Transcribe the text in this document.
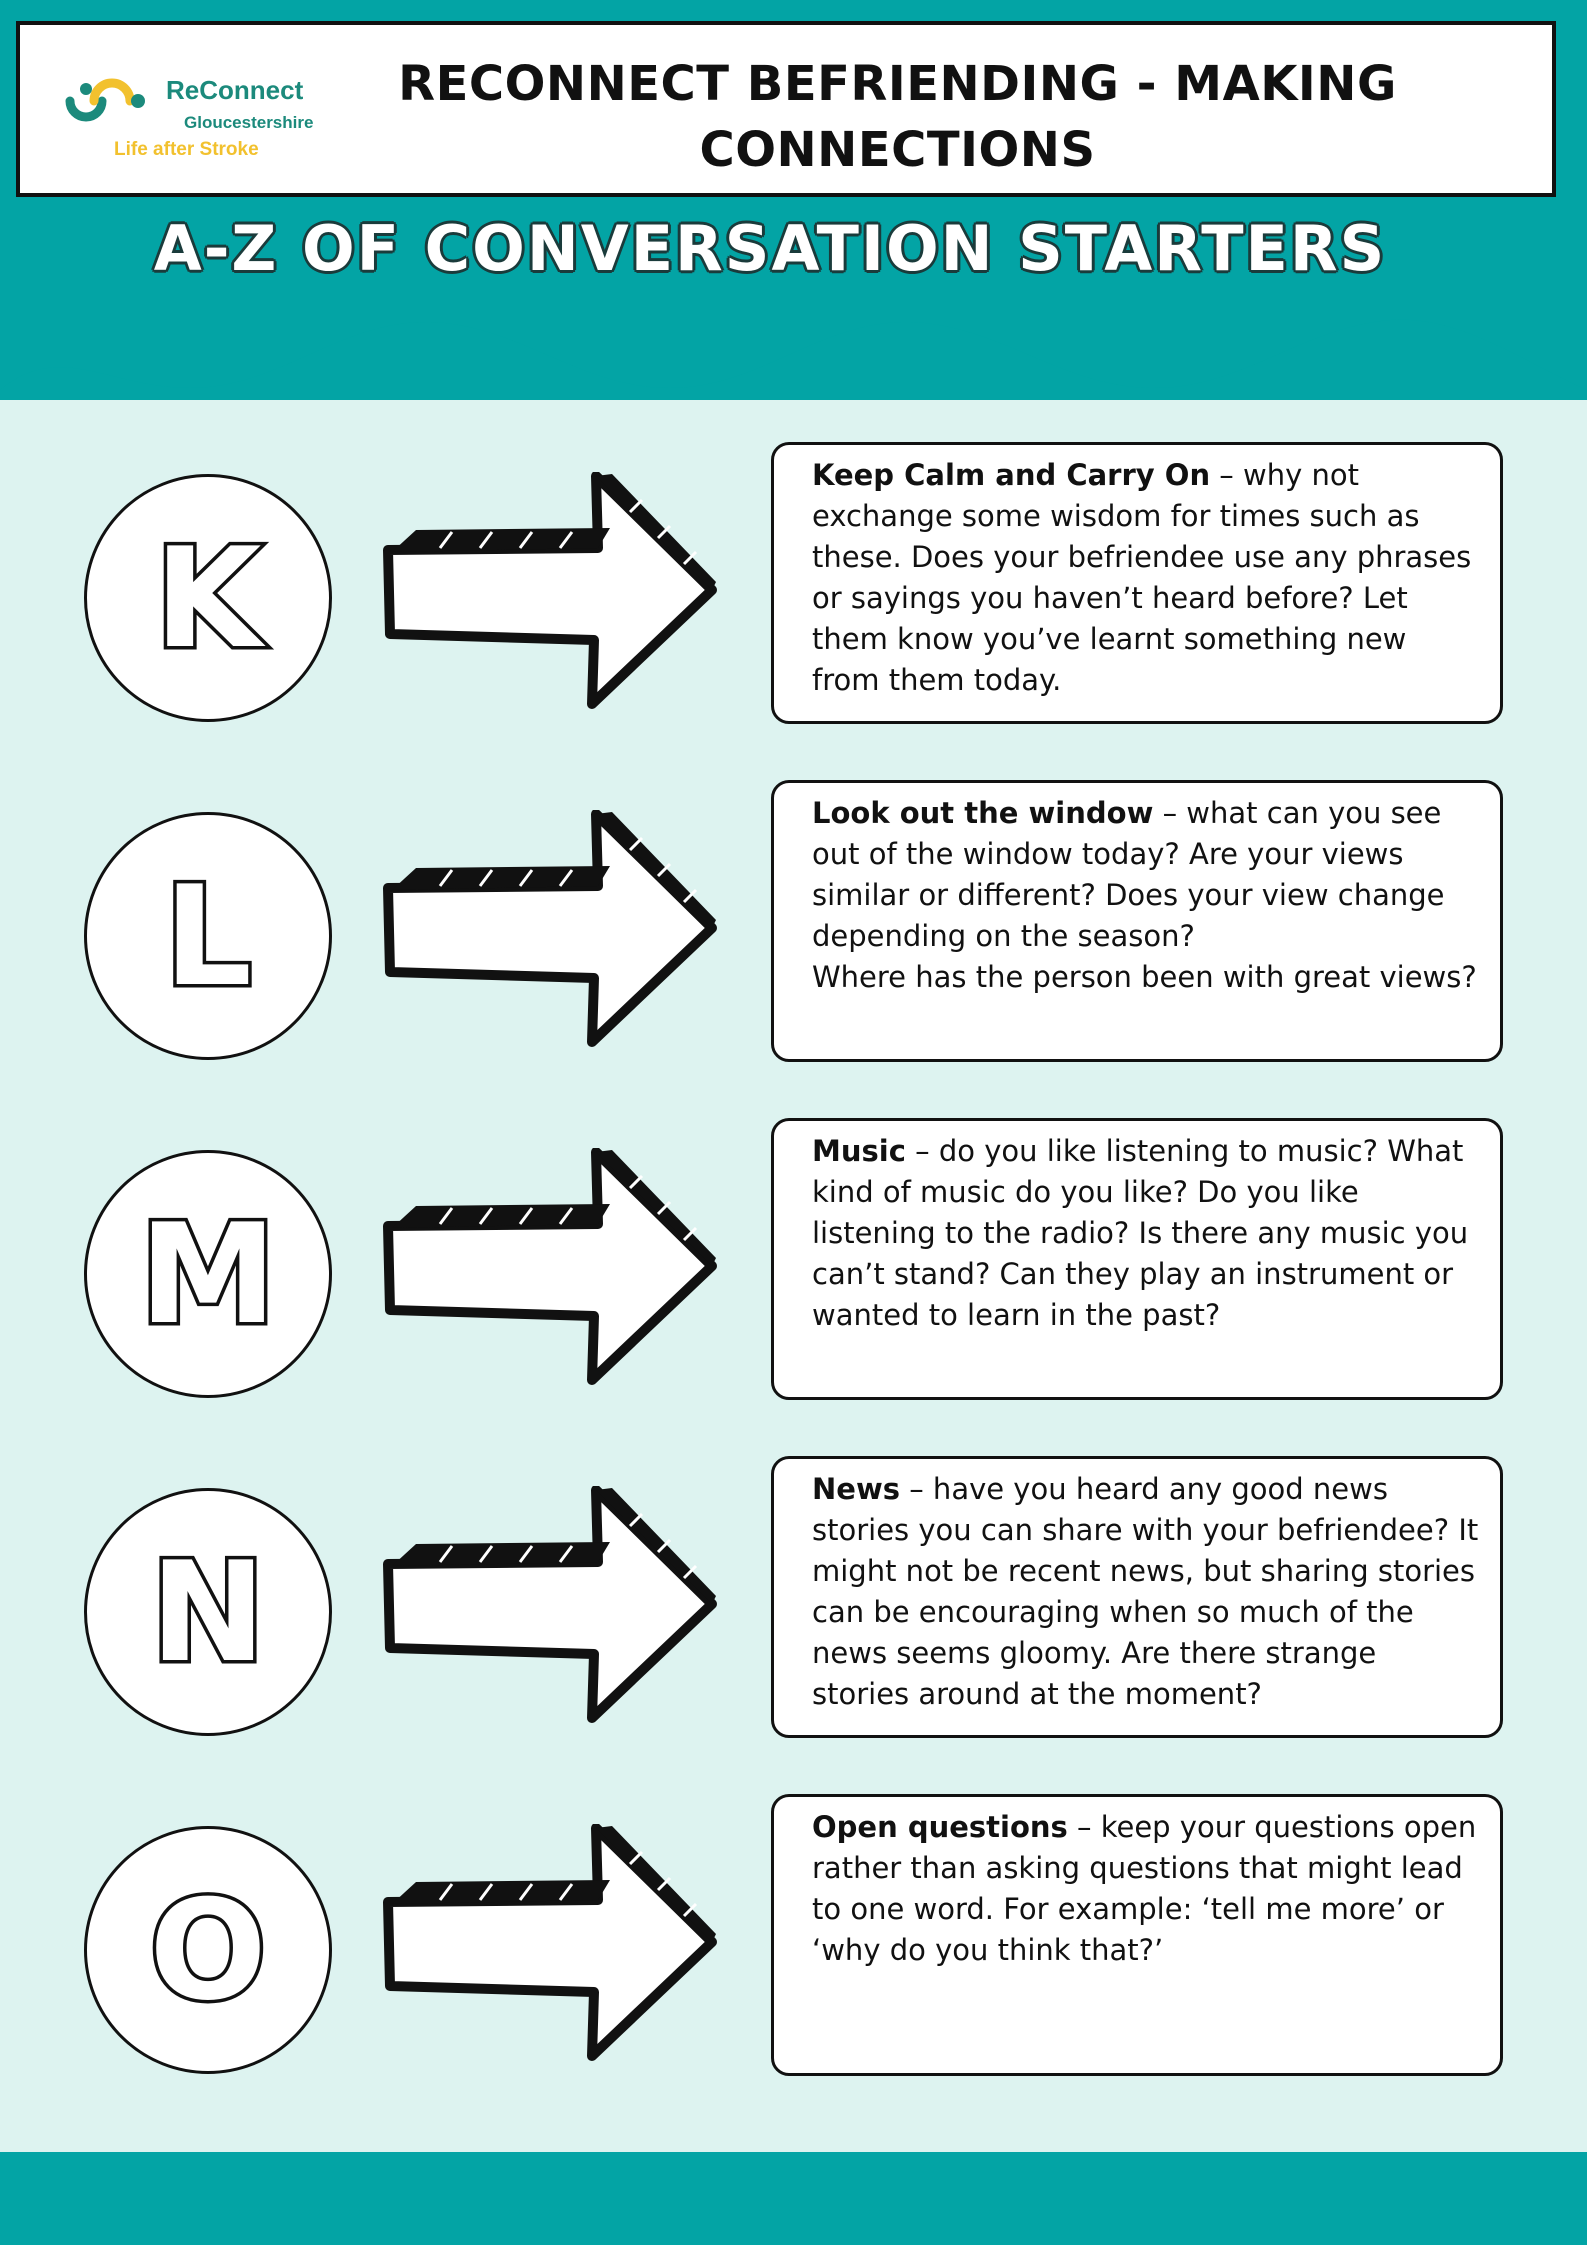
ReConnect
Gloucestershire
Life after Stroke
RECONNECT BEFRIENDING - MAKING
CONNECTIONS
A-Z OF CONVERSATION STARTERS
K
Keep Calm and Carry On – why not exchange some wisdom for times such as these. Does your befriendee use any phrases or sayings you haven’t heard before? Let them know you’ve learnt something new from them today.
L
Look out the window – what can you see out of the window today? Are your views similar or different? Does your view change depending on the season?
Where has the person been with great views?
M
Music – do you like listening to music? What kind of music do you like? Do you like listening to the radio? Is there any music you can’t stand? Can they play an instrument or wanted to learn in the past?
N
News – have you heard any good news stories you can share with your befriendee? It might not be recent news, but sharing stories can be encouraging when so much of the news seems gloomy. Are there strange stories around at the moment?
O
Open questions – keep your questions open rather than asking questions that might lead to one word. For example: ‘tell me more’ or ‘why do you think that?’
